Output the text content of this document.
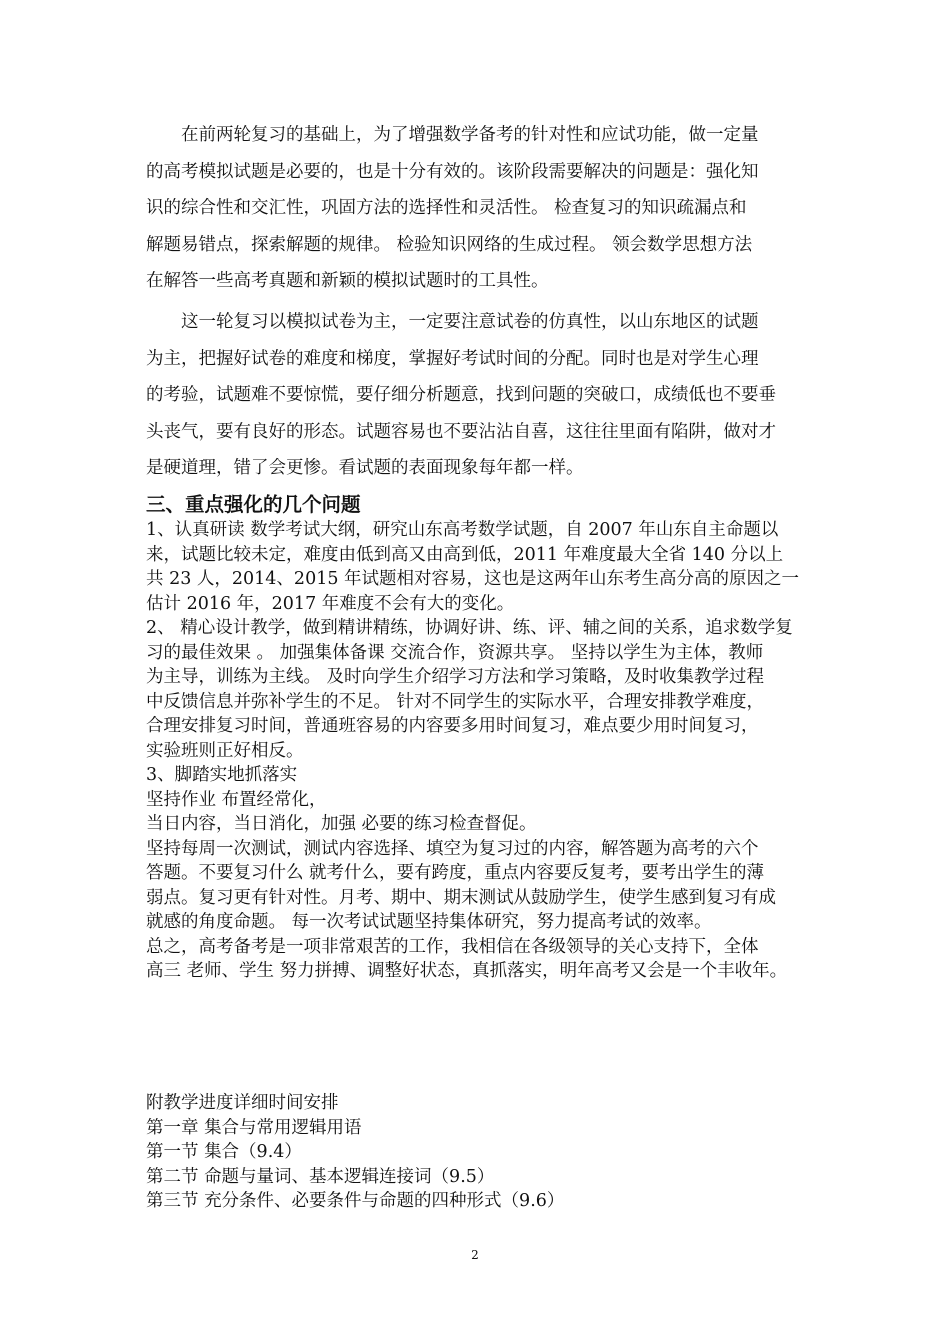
在前两轮复习的基础上，为了增强数学备考的针对性和应试功能，做一定量
的高考模拟试题是必要的，也是十分有效的。该阶段需要解决的问题是：强化知
识的综合性和交汇性，巩固方法的选择性和灵活性。 检查复习的知识疏漏点和
解题易错点，探索解题的规律。 检验知识网络的生成过程。 领会数学思想方法
在解答一些高考真题和新颖的模拟试题时的工具性。
这一轮复习以模拟试卷为主，一定要注意试卷的仿真性，以山东地区的试题
为主，把握好试卷的难度和梯度，掌握好考试时间的分配。同时也是对学生心理
的考验，试题难不要惊慌，要仔细分析题意，找到问题的突破口，成绩低也不要垂
头丧气，要有良好的形态。试题容易也不要沾沾自喜，这往往里面有陷阱，做对才
是硬道理，错了会更惨。看试题的表面现象每年都一样。
三、重点强化的几个问题
1、认真研读 数学考试大纲，研究山东高考数学试题，自 2007 年山东自主命题以
来，试题比较未定，难度由低到高又由高到低，2011 年难度最大全省 140 分以上
共 23 人，2014、2015 年试题相对容易，这也是这两年山东考生高分高的原因之一
估计 2016 年，2017 年难度不会有大的变化。
2、 精心设计教学，做到精讲精练，协调好讲、练、评、辅之间的关系，追求数学复
习的最佳效果 。 加强集体备课 交流合作，资源共享。 坚持以学生为主体，教师
为主导，训练为主线。 及时向学生介绍学习方法和学习策略，及时收集教学过程
中反馈信息并弥补学生的不足。 针对不同学生的实际水平，合理安排教学难度，
合理安排复习时间，普通班容易的内容要多用时间复习，难点要少用时间复习，
实验班则正好相反。
3、脚踏实地抓落实
坚持作业 布置经常化，
当日内容，当日消化，加强 必要的练习检查督促。
坚持每周一次测试，测试内容选择、填空为复习过的内容，解答题为高考的六个
答题。不要复习什么 就考什么，要有跨度，重点内容要反复考，要考出学生的薄
弱点。复习更有针对性。月考、期中、期末测试从鼓励学生，使学生感到复习有成
就感的角度命题。 每一次考试试题坚持集体研究，努力提高考试的效率。
总之，高考备考是一项非常艰苦的工作，我相信在各级领导的关心支持下，全体
高三 老师、学生 努力拼搏、调整好状态，真抓落实，明年高考又会是一个丰收年。
附教学进度详细时间安排
第一章 集合与常用逻辑用语
第一节 集合（9.4）
第二节 命题与量词、基本逻辑连接词（9.5）
第三节 充分条件、必要条件与命题的四种形式（9.6）
2
